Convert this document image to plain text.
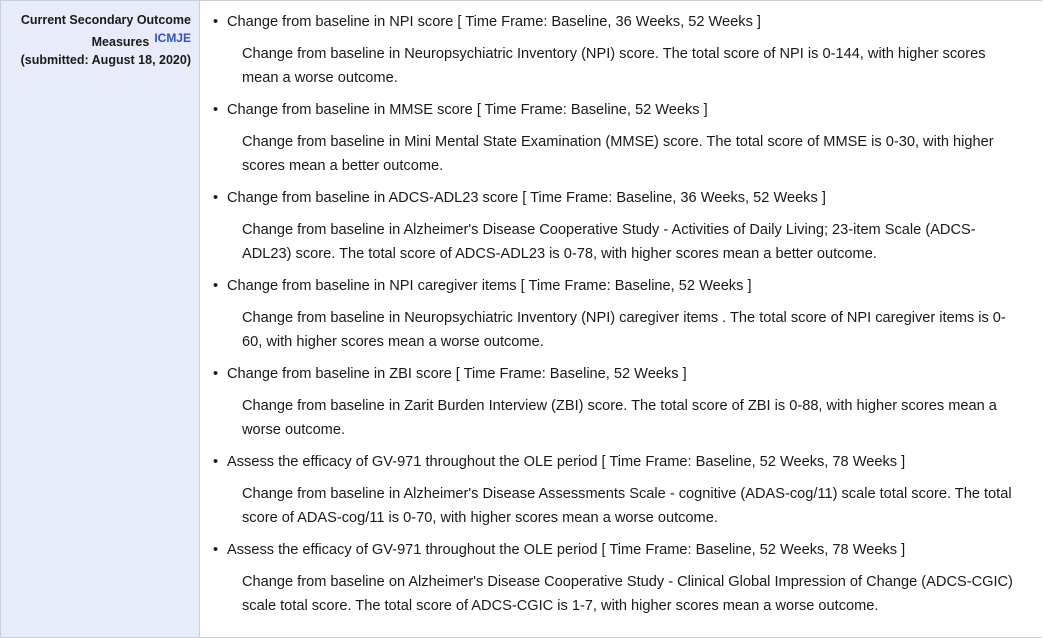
Current Secondary Outcome
Measures ICMJE
(submitted: August 18, 2020)
• Change from baseline in NPI score [ Time Frame: Baseline, 36 Weeks, 52 Weeks ]
Change from baseline in Neuropsychiatric Inventory (NPI) score. The total score of NPI is 0-144, with higher scores mean a worse outcome.
• Change from baseline in MMSE score [ Time Frame: Baseline, 52 Weeks ]
Change from baseline in Mini Mental State Examination (MMSE) score. The total score of MMSE is 0-30, with higher scores mean a better outcome.
• Change from baseline in ADCS-ADL23 score [ Time Frame: Baseline, 36 Weeks, 52 Weeks ]
Change from baseline in Alzheimer's Disease Cooperative Study - Activities of Daily Living; 23-item Scale (ADCS-ADL23) score. The total score of ADCS-ADL23 is 0-78, with higher scores mean a better outcome.
• Change from baseline in NPI caregiver items [ Time Frame: Baseline, 52 Weeks ]
Change from baseline in Neuropsychiatric Inventory (NPI) caregiver items . The total score of NPI caregiver items is 0-60, with higher scores mean a worse outcome.
• Change from baseline in ZBI score [ Time Frame: Baseline, 52 Weeks ]
Change from baseline in Zarit Burden Interview (ZBI) score. The total score of ZBI is 0-88, with higher scores mean a worse outcome.
• Assess the efficacy of GV-971 throughout the OLE period [ Time Frame: Baseline, 52 Weeks, 78 Weeks ]
Change from baseline in Alzheimer's Disease Assessments Scale - cognitive (ADAS-cog/11) scale total score. The total score of ADAS-cog/11 is 0-70, with higher scores mean a worse outcome.
• Assess the efficacy of GV-971 throughout the OLE period [ Time Frame: Baseline, 52 Weeks, 78 Weeks ]
Change from baseline on Alzheimer's Disease Cooperative Study - Clinical Global Impression of Change (ADCS-CGIC) scale total score. The total score of ADCS-CGIC is 1-7, with higher scores mean a worse outcome.
